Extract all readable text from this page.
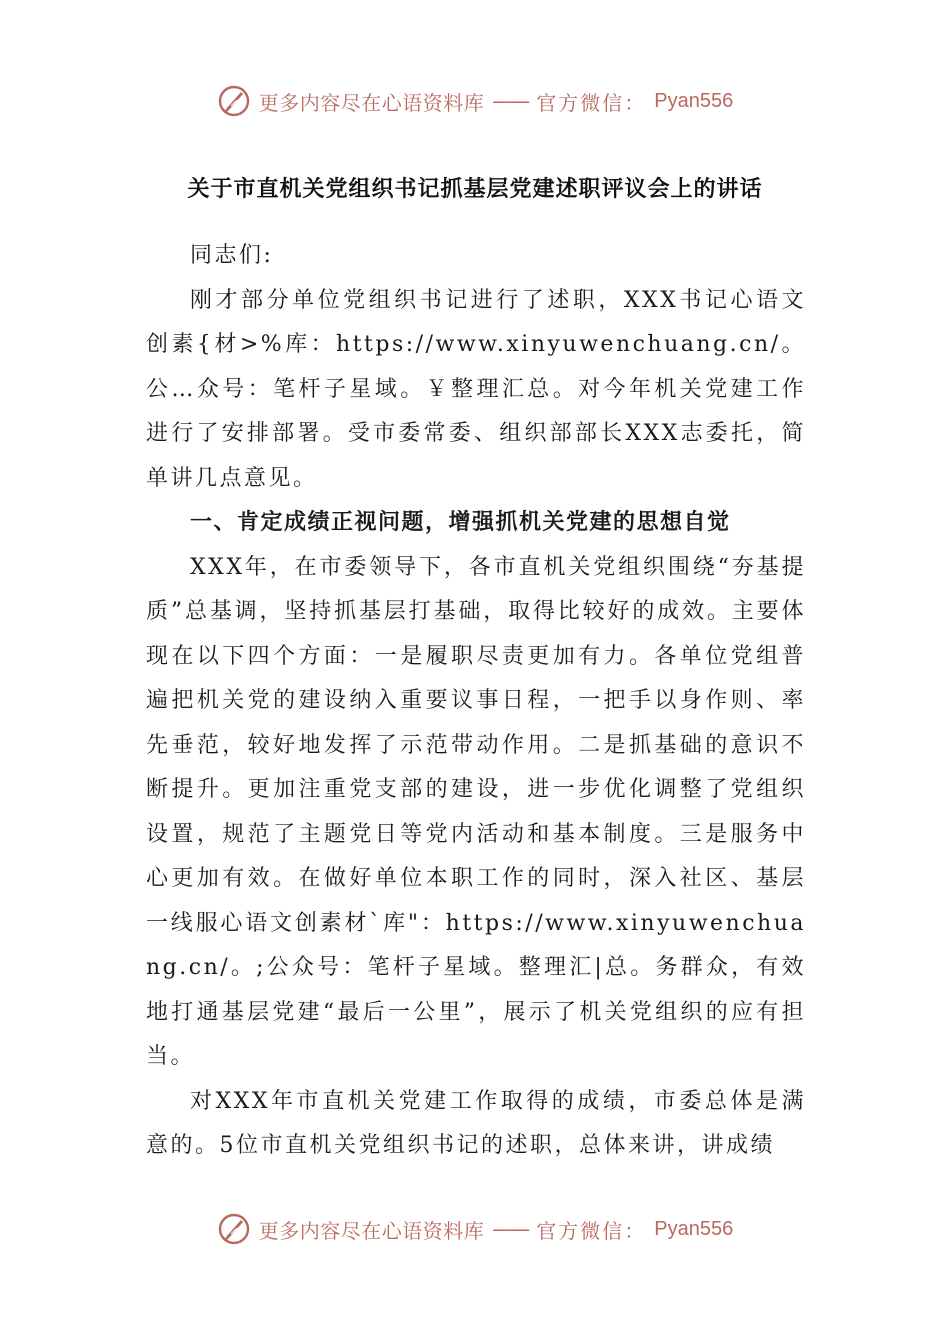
更多内容尽在心语资料库 —— 官方微信： Pyan556
关于市直机关党组织书记抓基层党建述职评议会上的讲话

同志们:

刚才部分单位党组织书记进行了述职，XXX书记心语文创素{材>%库：https://www.xinyuwenchuang.cn/。公…众号：笔杆子星域。￥整理汇总。对今年机关党建工作进行了安排部署。受市委常委、组织部部长XXX志委托，简单讲几点意见。

一、肯定成绩正视问题，增强抓机关党建的思想自觉

XXX年，在市委领导下，各市直机关党组织围绕“夯基提质”总基调，坚持抓基层打基础，取得比较好的成效。主要体现在以下四个方面：一是履职尽责更加有力。各单位党组普遍把机关党的建设纳入重要议事日程，一把手以身作则、率先垂范，较好地发挥了示范带动作用。二是抓基础的意识不断提升。更加注重党支部的建设，进一步优化调整了党组织设置，规范了主题党日等党内活动和基本制度。三是服务中心更加有效。在做好单位本职工作的同时，深入社区、基层一线服心语文创素材`库"：https://www.xinyuwenchuang.cn/。;公众号：笔杆子星域。整理汇|总。务群众，有效地打通基层党建“最后一公里”，展示了机关党组织的应有担当。

对XXX年市直机关党建工作取得的成绩，市委总体是满意的。5位市直机关党组织书记的述职，总体来讲，讲成绩

更多内容尽在心语资料库 —— 官方微信： Pyan556
